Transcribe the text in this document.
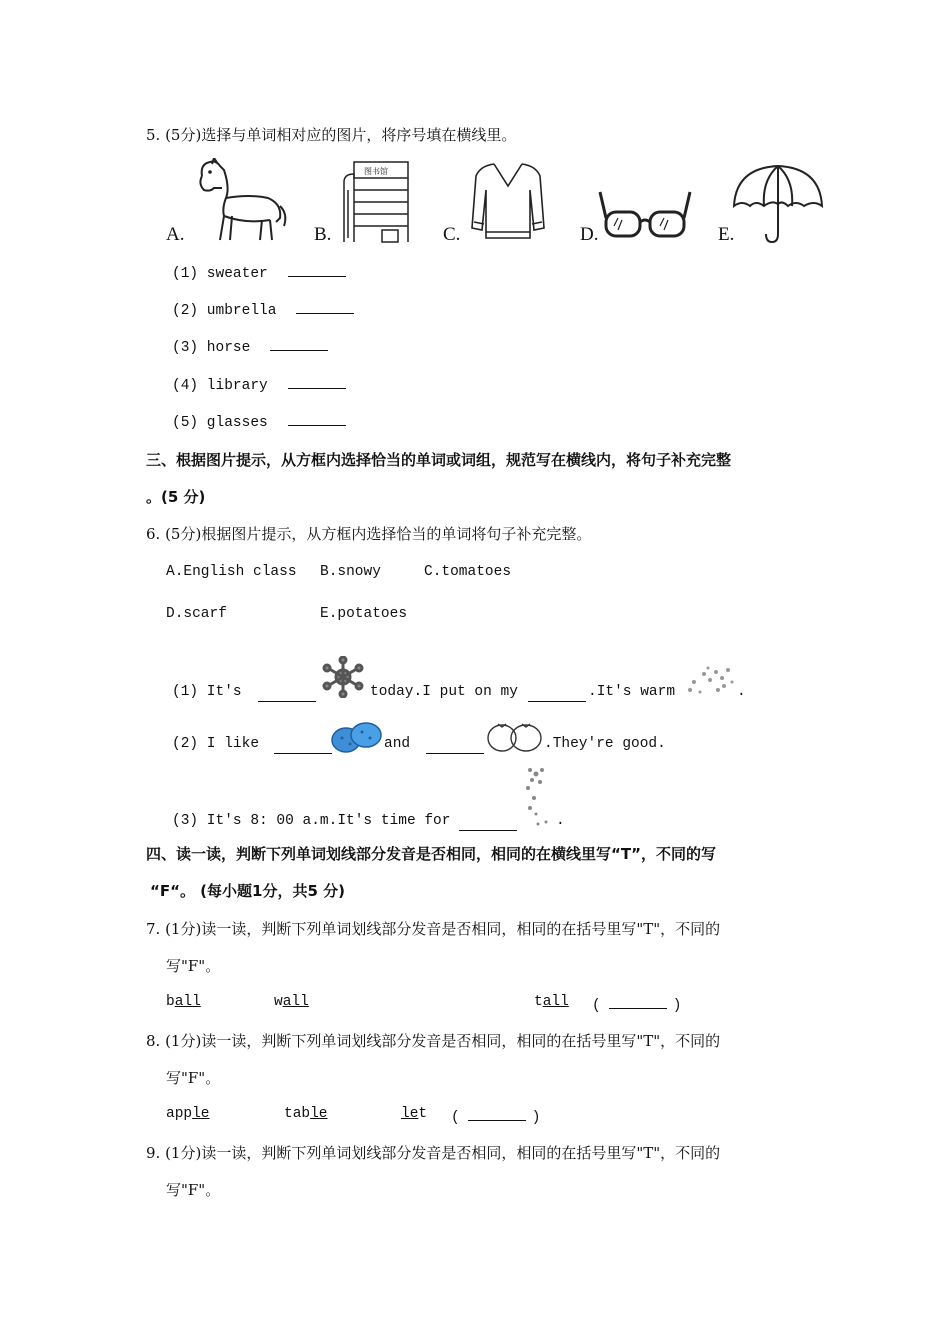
5. (5分)选择与单词相对应的图片，将序号填在横线里。
A.	B.
图书馆
C.	D.	E.
(1) sweater
(2) umbrella
(3) horse
(4) library
(5) glasses
三、根据图片提示，从方框内选择恰当的单词或词组，规范写在横线内，将句子补充完整
。(5 分)
6. (5分)根据图片提示，从方框内选择恰当的单词将句子补充完整。
A.English class B.snowy	C.tomatoes
D.scarf	E.potatoes
(1) It's	today.I put on my	.It's warm	.
(2) I like	and	.They're good.
(3) It's 8: 00 a.m.It's time for	.
四、读一读，判断下列单词划线部分发音是否相同，相同的在横线里写“T”，不同的写
“F“。 (每小题1分，共5 分)
7. (1分)读一读，判断下列单词划线部分发音是否相同，相同的在括号里写"T"，不同的
写"F"。
ball	wall	tall (	)
8. (1分)读一读，判断下列单词划线部分发音是否相同，相同的在括号里写"T"，不同的
写"F"。
apple	table	let (	)
9. (1分)读一读，判断下列单词划线部分发音是否相同，相同的在括号里写"T"，不同的
写"F"。
